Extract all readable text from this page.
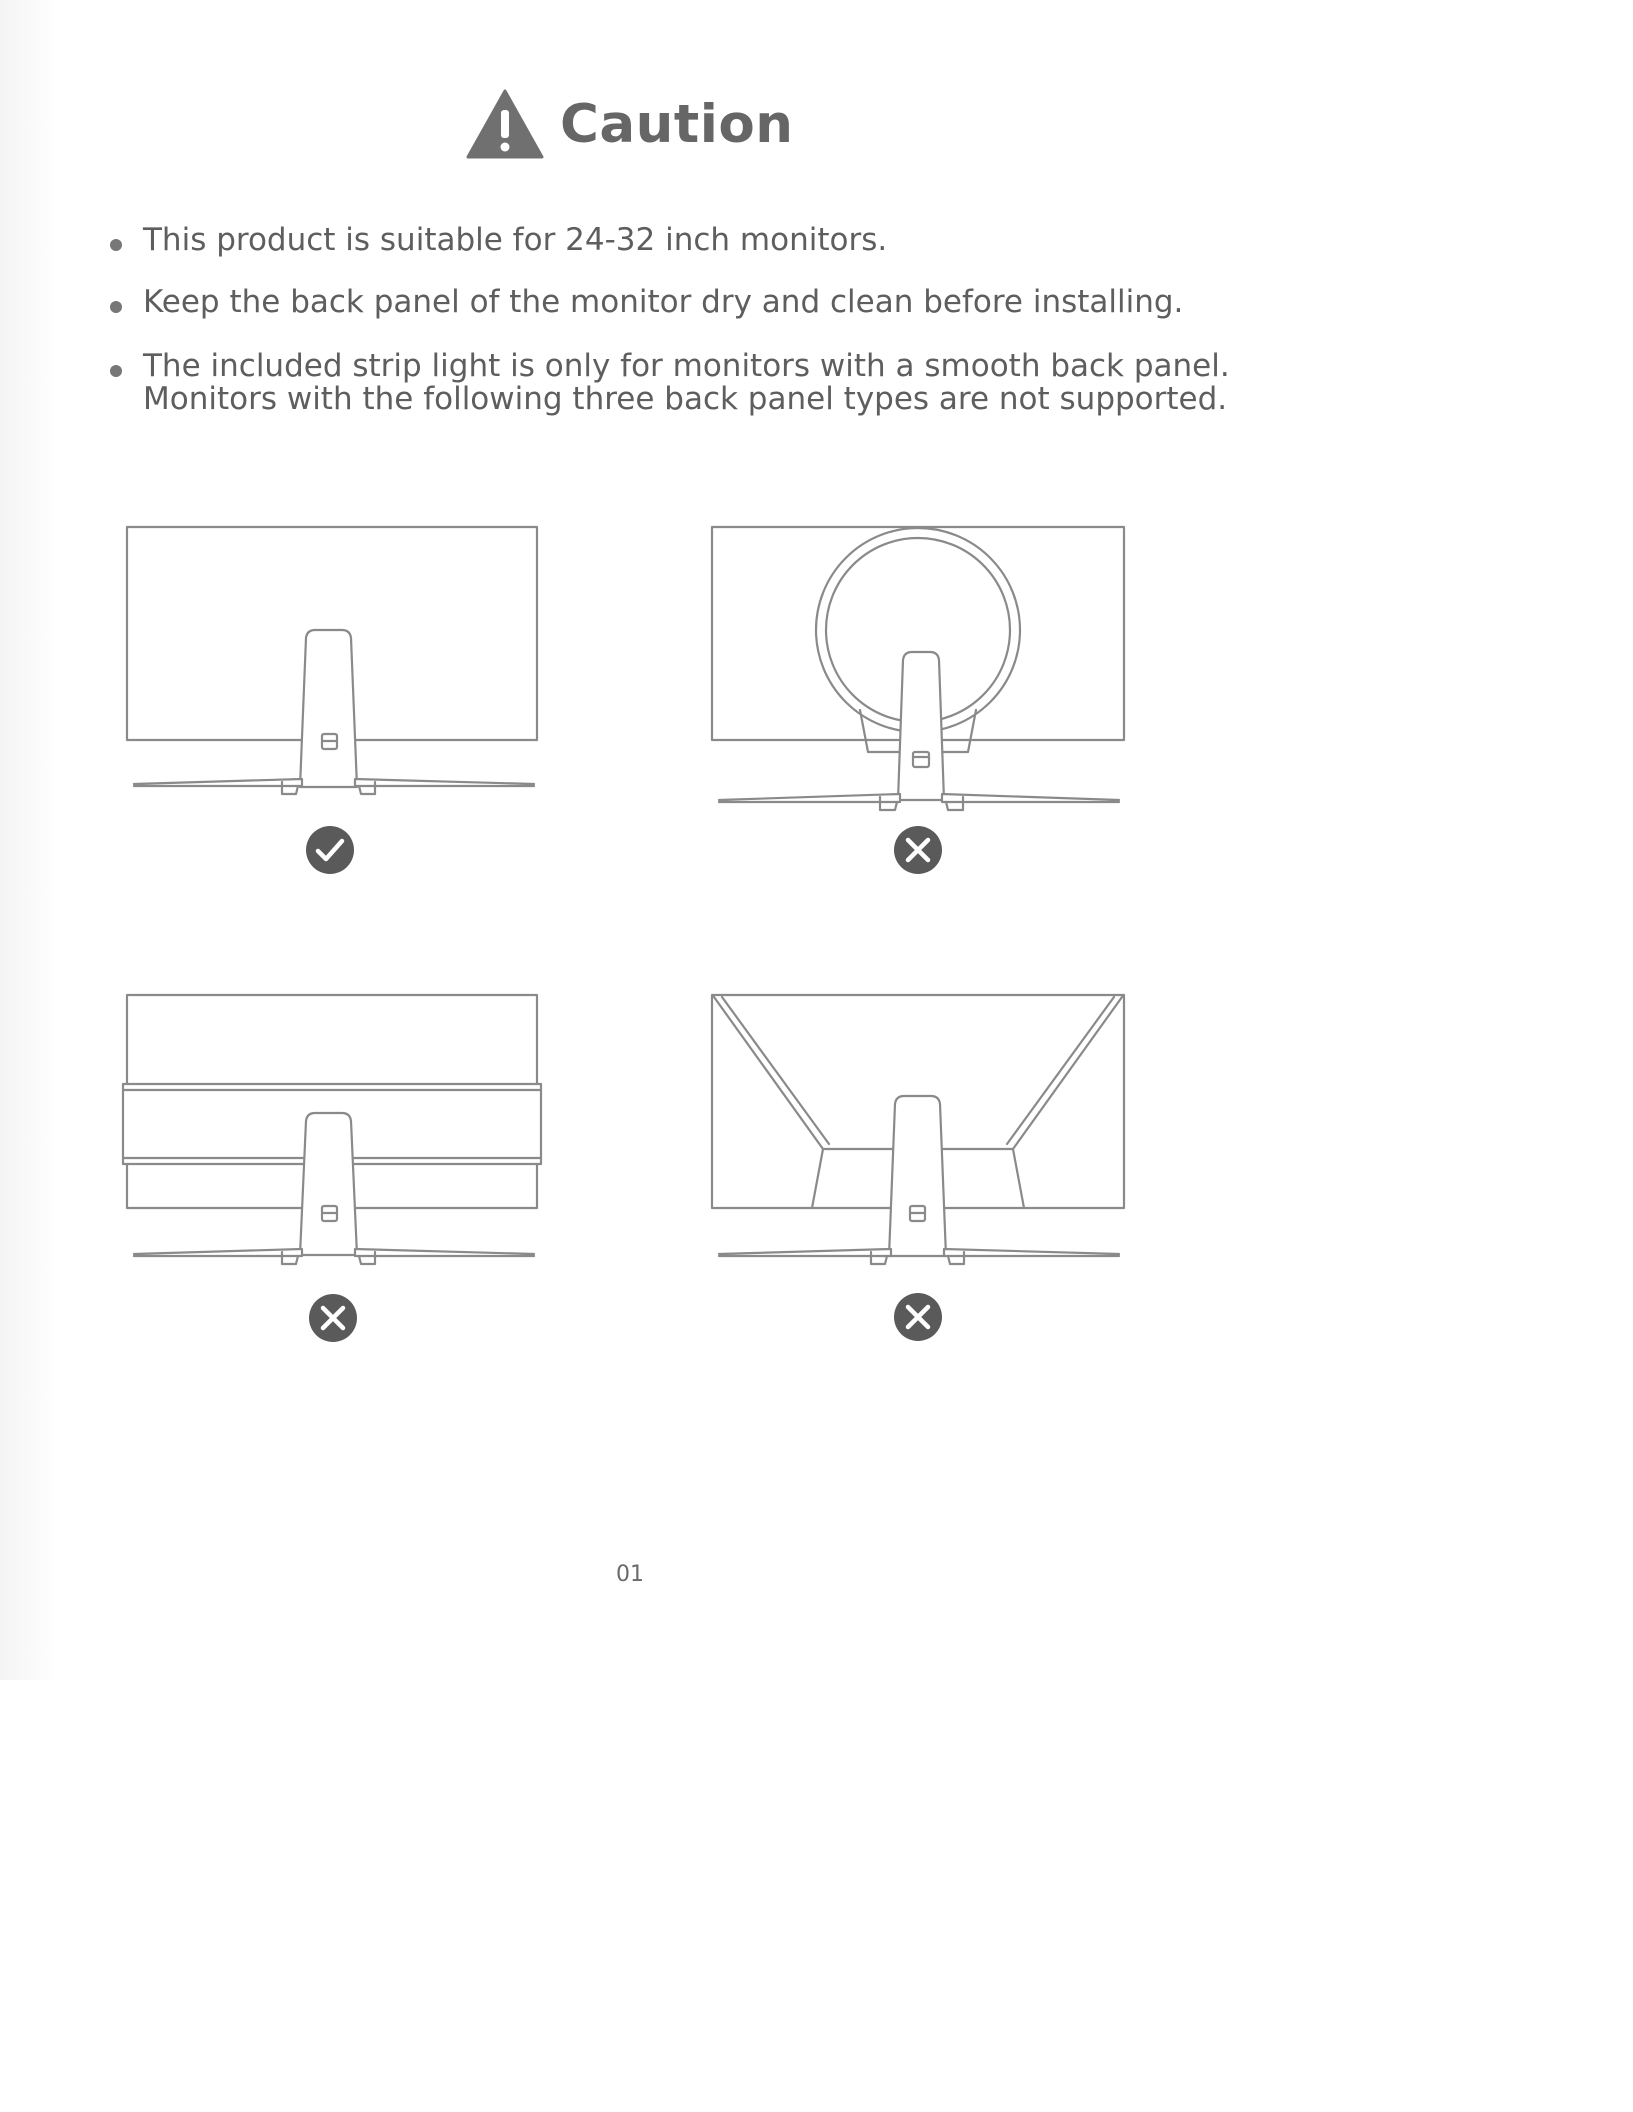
Caution

This product is suitable for 24-32 inch monitors.

Keep the back panel of the monitor dry and clean before installing.

The included strip light is only for monitors with a smooth back panel. Monitors with the following three back panel types are not supported.

01
